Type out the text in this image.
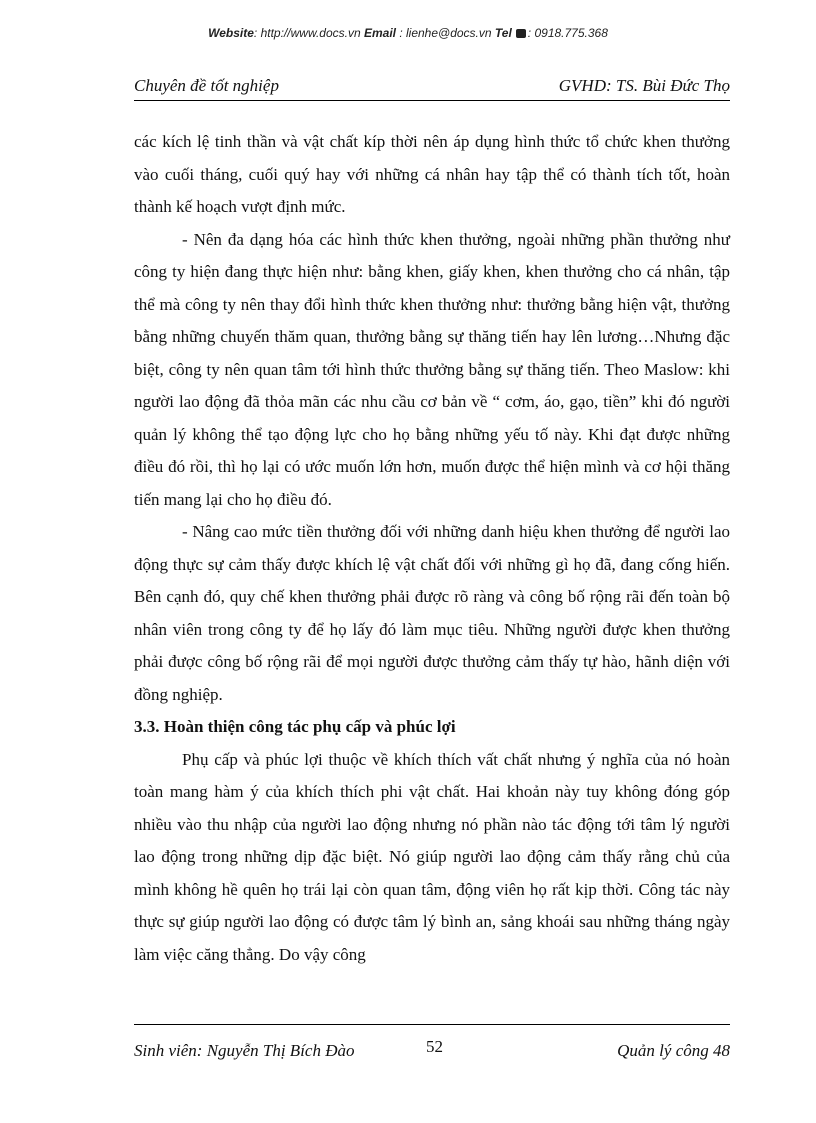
Website: http://www.docs.vn Email : lienhe@docs.vn Tel : 0918.775.368
Chuyên đề tốt nghiệp	GVHD: TS. Bùi Đức Thọ

các kích lệ tinh thần và vật chất kíp thời nên áp dụng hình thức tổ chức khen thưởng vào cuối tháng, cuối quý hay với những cá nhân hay tập thể có thành tích tốt, hoàn thành kế hoạch vượt định mức.

- Nên đa dạng hóa các hình thức khen thưởng, ngoài những phần thưởng như công ty hiện đang thực hiện như: bằng khen, giấy khen, khen thưởng cho cá nhân, tập thể mà công ty nên thay đổi hình thức khen thưởng như: thưởng bằng hiện vật, thưởng bằng những chuyến thăm quan, thưởng bằng sự thăng tiến hay lên lương…Nhưng đặc biệt, công ty nên quan tâm tới hình thức thưởng bằng sự thăng tiến. Theo Maslow: khi người lao động đã thỏa mãn các nhu cầu cơ bản về “ cơm, áo, gạo, tiền” khi đó người quản lý không thể tạo động lực cho họ bằng những yếu tố này. Khi đạt được những điều đó rồi, thì họ lại có ước muốn lớn hơn, muốn được thể hiện mình và cơ hội thăng tiến mang lại cho họ điều đó.

- Nâng cao mức tiền thưởng đối với những danh hiệu khen thưởng để người lao động thực sự cảm thấy được khích lệ vật chất đối với những gì họ đã, đang cống hiến. Bên cạnh đó, quy chế khen thưởng phải được rõ ràng và công bố rộng rãi đến toàn bộ nhân viên trong công ty để họ lấy đó làm mục tiêu. Những người được khen thưởng phải được công bố rộng rãi để mọi người được thưởng cảm thấy tự hào, hãnh diện với đồng nghiệp.

3.3. Hoàn thiện công tác phụ cấp và phúc lợi

Phụ cấp và phúc lợi thuộc về khích thích vất chất nhưng ý nghĩa của nó hoàn toàn mang hàm ý của khích thích phi vật chất. Hai khoản này tuy không đóng góp nhiều vào thu nhập của người lao động nhưng nó phần nào tác động tới tâm lý người lao động trong những dịp đặc biệt. Nó giúp người lao động cảm thấy rằng chủ của mình không hề quên họ trái lại còn quan tâm, động viên họ rất kịp thời. Công tác này thực sự giúp người lao động có được tâm lý bình an, sảng khoái sau những tháng ngày làm việc căng thẳng. Do vậy công

Sinh viên: Nguyễn Thị Bích Đào	52	Quản lý công 48
